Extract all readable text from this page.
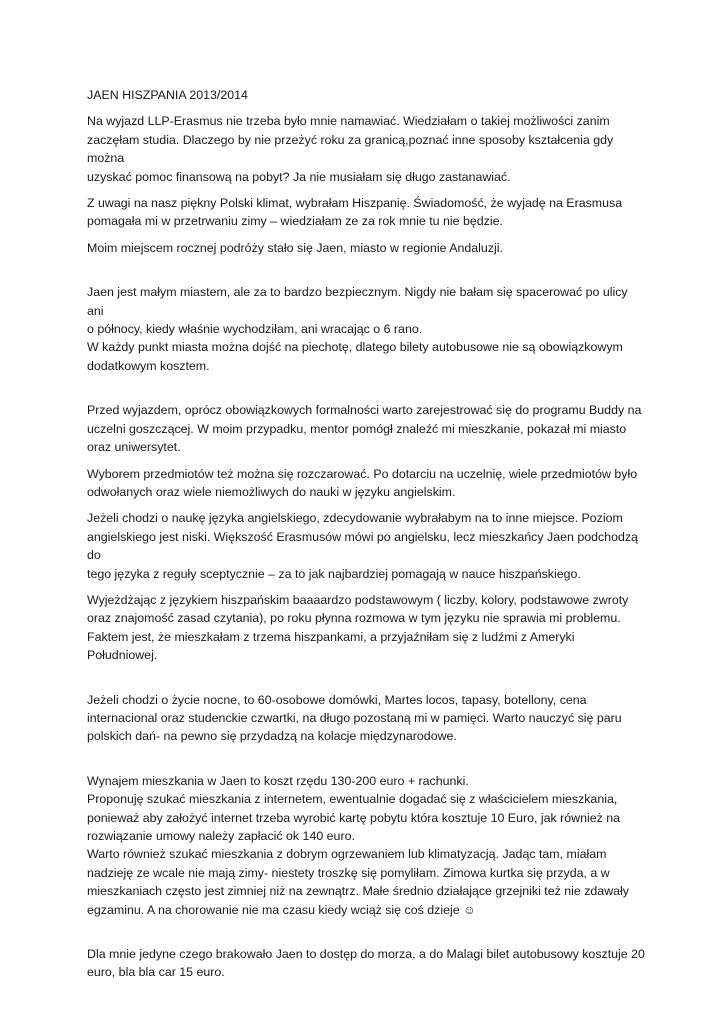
JAEN HISZPANIA 2013/2014

Na wyjazd LLP-Erasmus nie trzeba było mnie namawiać. Wiedziałam o takiej możliwości zanim
zaczęłam studia. Dlaczego by nie przeżyć roku za granicą,poznać inne sposoby kształcenia gdy można
uzyskać pomoc finansową na pobyt? Ja nie musiałam się długo zastanawiać.

Z uwagi na nasz piękny Polski klimat, wybrałam Hiszpanię. Świadomość, że wyjadę na Erasmusa
pomagała mi w przetrwaniu zimy – wiedziałam ze za rok mnie tu nie będzie.

Moim miejscem rocznej podróży stało się Jaen, miasto w regionie Andaluzji.

Jaen jest małym miastem, ale za to bardzo bezpiecznym. Nigdy nie bałam się spacerować po ulicy ani
o północy, kiedy właśnie wychodziłam, ani wracając o 6 rano.
W każdy punkt miasta można dojść na piechotę, dlatego bilety autobusowe nie są obowiązkowym
dodatkowym kosztem.

Przed wyjazdem, oprócz obowiązkowych formalności warto zarejestrować się do programu Buddy na
uczelni goszczącej. W moim przypadku, mentor pomógł znaleźć mi mieszkanie, pokazał mi miasto
oraz uniwersytet.

Wyborem przedmiotów też można się rozczarować. Po dotarciu na uczelnię, wiele przedmiotów było
odwołanych oraz wiele niemożliwych do nauki w języku angielskim.

Jeżeli chodzi o naukę języka angielskiego, zdecydowanie wybrałabym na to inne miejsce. Poziom
angielskiego jest niski. Większość Erasmusów mówi po angielsku, lecz mieszkańcy Jaen podchodzą do
tego języka z reguły sceptycznie – za to jak najbardziej pomagają w nauce hiszpańskiego.

Wyjeżdżając z językiem hiszpańskim baaaardzo podstawowym ( liczby, kolory, podstawowe zwroty
oraz znajomość zasad czytania), po roku płynna rozmowa w tym języku nie sprawia mi problemu.
Faktem jest, że mieszkałam z trzema hiszpankami, a przyjaźniłam się z ludźmi z Ameryki Południowej.

Jeżeli chodzi o życie nocne, to 60-osobowe domówki, Martes locos, tapasy, botellony, cena
internacional oraz studenckie czwartki, na długo pozostaną mi w pamięci. Warto nauczyć się paru
polskich dań- na pewno się przydadzą na kolacje międzynarodowe.

Wynajem mieszkania w Jaen to koszt rzędu 130-200 euro + rachunki.
Proponuję szukać mieszkania z internetem, ewentualnie dogadać się z właścicielem mieszkania,
ponieważ aby założyć internet trzeba wyrobić kartę pobytu która kosztuje 10 Euro, jak również na
rozwiązanie umowy należy zapłacić ok 140 euro.
Warto również szukać mieszkania z dobrym ogrzewaniem lub klimatyzacją. Jadąc tam, miałam
nadzieję ze wcale nie mają zimy- niestety troszkę się pomyliłam. Zimowa kurtka się przyda, a w
mieszkaniach często jest zimniej niż na zewnątrz. Małe średnio działające grzejniki też nie zdawały
egzaminu. A na chorowanie nie ma czasu kiedy wciąż się coś dzieje ☺

Dla mnie jedyne czego brakowało Jaen to dostęp do morza, a do Malagi bilet autobusowy kosztuje 20
euro, bla bla car 15 euro.
